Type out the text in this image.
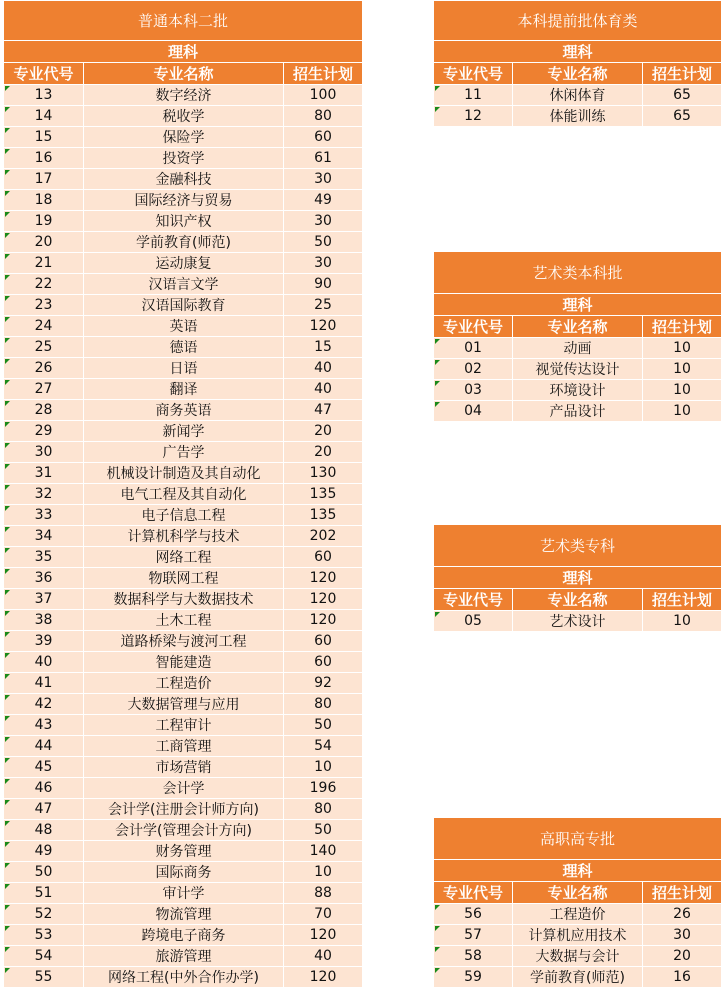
普通本科二批		
理科		
专业代号	专业名称	招生计划
13	数字经济	100
14	税收学	80
15	保险学	60
16	投资学	61
17	金融科技	30
18	国际经济与贸易	49
19	知识产权	30
20	学前教育(师范)	50
21	运动康复	30
22	汉语言文学	90
23	汉语国际教育	25
24	英语	120
25	德语	15
26	日语	40
27	翻译	40
28	商务英语	47
29	新闻学	20
30	广告学	20
31	机械设计制造及其自动化	130
32	电气工程及其自动化	135
33	电子信息工程	135
34	计算机科学与技术	202
35	网络工程	60
36	物联网工程	120
37	数据科学与大数据技术	120
38	土木工程	120
39	道路桥梁与渡河工程	60
40	智能建造	60
41	工程造价	92
42	大数据管理与应用	80
43	工程审计	50
44	工商管理	54
45	市场营销	10
46	会计学	196
47	会计学(注册会计师方向)	80
48	会计学(管理会计方向)	50
49	财务管理	140
50	国际商务	10
51	审计学	88
52	物流管理	70
53	跨境电子商务	120
54	旅游管理	40
55	网络工程(中外合作办学)	120
本科提前批体育类		
理科		
专业代号	专业名称	招生计划
11	休闲体育	65
12	体能训练	65
艺术类本科批		
理科		
专业代号	专业名称	招生计划
01	动画	10
02	视觉传达设计	10
03	环境设计	10
04	产品设计	10
艺术类专科		
理科		
专业代号	专业名称	招生计划
05	艺术设计	10
高职高专批		
理科		
专业代号	专业名称	招生计划
56	工程造价	26
57	计算机应用技术	30
58	大数据与会计	20
59	学前教育(师范)	16
